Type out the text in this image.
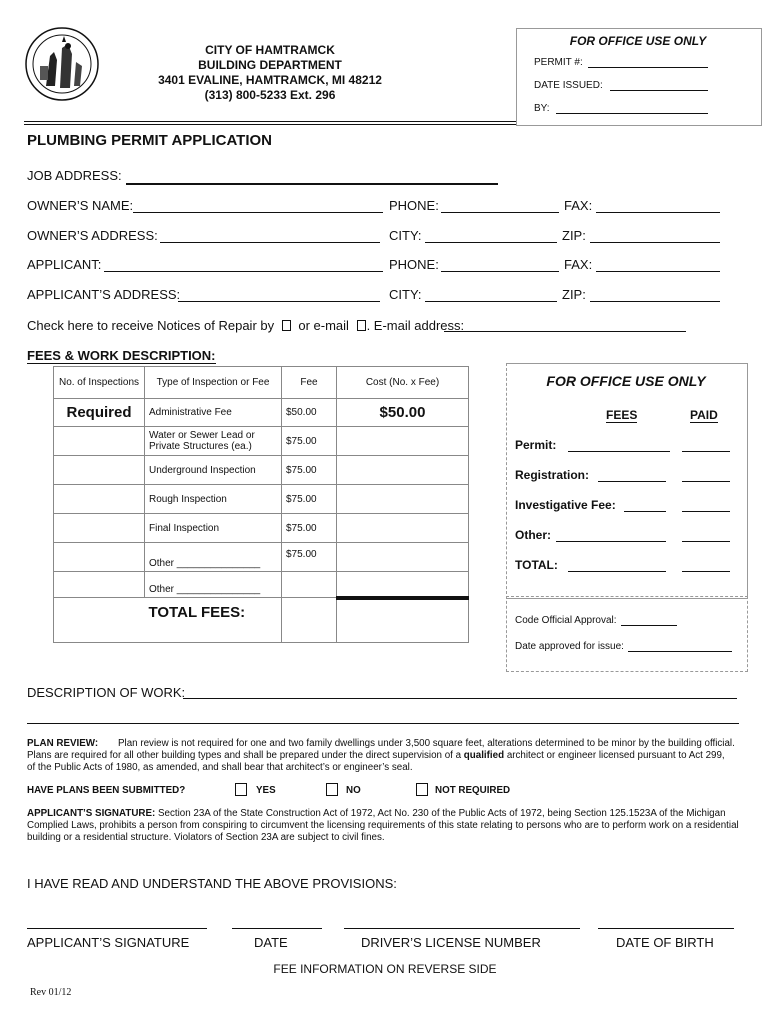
CITY OF HAMTRAMCK
BUILDING DEPARTMENT
3401 EVALINE, HAMTRAMCK, MI 48212
(313) 800-5233 Ext. 296
FOR OFFICE USE ONLY
PERMIT #:
DATE ISSUED:
BY:
PLUMBING PERMIT APPLICATION
JOB ADDRESS:
OWNER’S NAME:	PHONE:	FAX:
OWNER’S ADDRESS:	CITY:	ZIP:
APPLICANT:	PHONE:	FAX:
APPLICANT’S ADDRESS:	CITY:	ZIP:
Check here to receive Notices of Repair by or e-mail . E-mail address:
FEES & WORK DESCRIPTION:
No. of Inspections	Type of Inspection or Fee	Fee	Cost (No. x Fee)
Required	Administrative Fee	$50.00	$50.00
	Water or Sewer Lead or Private Structures (ea.)	$75.00	
	Underground Inspection	$75.00	
	Rough Inspection	$75.00	
	Final Inspection	$75.00	
	Other _______________	$75.00	
	Other _______________		
	TOTAL FEES:		
FOR OFFICE USE ONLY
FEES	PAID
Permit:
Registration:
Investigative Fee:
Other:
TOTAL:
Code Official Approval:
Date approved for issue:
DESCRIPTION OF WORK:
PLAN REVIEW: Plan review is not required for one and two family dwellings under 3,500 square feet, alterations determined to be minor by the building official.
Plans are required for all other building types and shall be prepared under the direct supervision of a qualified architect or engineer licensed pursuant to Act 299,
of the Public Acts of 1980, as amended, and shall bear that architect’s or engineer’s seal.
HAVE PLANS BEEN SUBMITTED?	YES	NO	NOT REQUIRED
APPLICANT’S SIGNATURE: Section 23A of the State Construction Act of 1972, Act No. 230 of the Public Acts of 1972, being Section 125.1523A of the Michigan
Complied Laws, prohibits a person from conspiring to circumvent the licensing requirements of this state relating to persons who are to perform work on a residential
building or a residential structure. Violators of Section 23A are subject to civil fines.
I HAVE READ AND UNDERSTAND THE ABOVE PROVISIONS:
APPLICANT’S SIGNATURE	DATE	DRIVER’S LICENSE NUMBER	DATE OF BIRTH
FEE INFORMATION ON REVERSE SIDE
Rev 01/12
